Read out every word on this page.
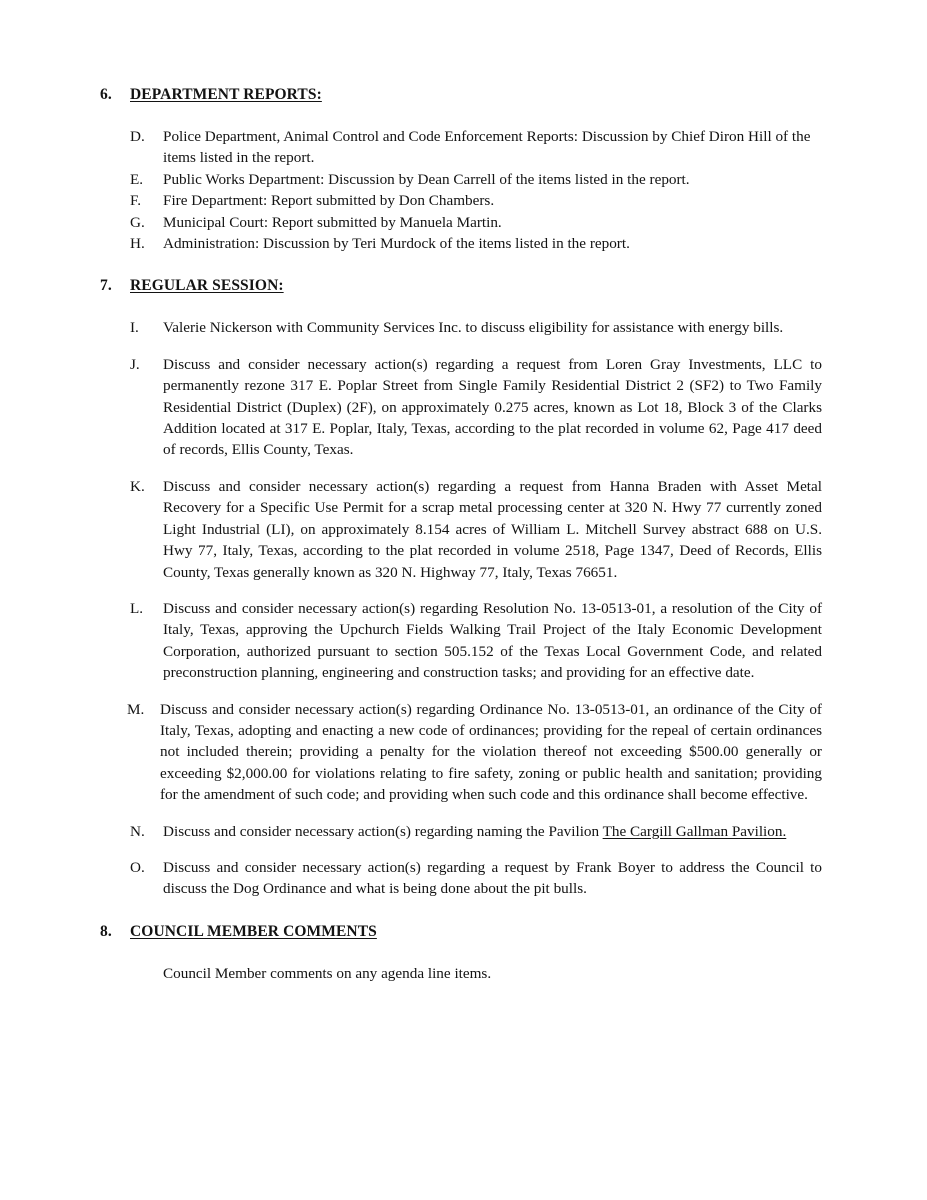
6.	DEPARTMENT REPORTS:
D.	Police Department, Animal Control and Code Enforcement Reports: Discussion by Chief Diron Hill of the items listed in the report.
E.	Public Works Department: Discussion by Dean Carrell of the items listed in the report.
F.	Fire Department: Report submitted by Don Chambers.
G.	Municipal Court: Report submitted by Manuela Martin.
H.	Administration: Discussion by Teri Murdock of the items listed in the report.
7.	REGULAR SESSION:
I.	Valerie Nickerson with Community Services Inc. to discuss eligibility for assistance with energy bills.
J.	Discuss and consider necessary action(s) regarding a request from Loren Gray Investments, LLC to permanently rezone 317 E. Poplar Street from Single Family Residential District 2 (SF2) to Two Family Residential District (Duplex) (2F), on approximately 0.275 acres, known as Lot 18, Block 3 of the Clarks Addition located at 317 E. Poplar, Italy, Texas, according to the plat recorded in volume 62, Page 417 deed of records, Ellis County, Texas.
K.	Discuss and consider necessary action(s) regarding a request from Hanna Braden with Asset Metal Recovery for a Specific Use Permit for a scrap metal processing center at 320 N. Hwy 77 currently zoned Light Industrial (LI), on approximately 8.154 acres of William L. Mitchell Survey abstract 688 on U.S. Hwy 77, Italy, Texas, according to the plat recorded in volume 2518, Page 1347, Deed of Records, Ellis County, Texas generally known as 320 N. Highway 77, Italy, Texas 76651.
L.	Discuss and consider necessary action(s) regarding Resolution No. 13-0513-01, a resolution of the City of Italy, Texas, approving the Upchurch Fields Walking Trail Project of the Italy Economic Development Corporation, authorized pursuant to section 505.152 of the Texas Local Government Code, and related preconstruction planning, engineering and construction tasks; and providing for an effective date.
M.	Discuss and consider necessary action(s) regarding Ordinance No. 13-0513-01, an ordinance of the City of Italy, Texas, adopting and enacting a new code of ordinances; providing for the repeal of certain ordinances not included therein; providing a penalty for the violation thereof not exceeding $500.00 generally or exceeding $2,000.00 for violations relating to fire safety, zoning or public health and sanitation; providing for the amendment of such code; and providing when such code and this ordinance shall become effective.
N.	Discuss and consider necessary action(s) regarding naming the Pavilion The Cargill Gallman Pavilion.
O.	Discuss and consider necessary action(s) regarding a request by Frank Boyer to address the Council to discuss the Dog Ordinance and what is being done about the pit bulls.
8.	COUNCIL MEMBER COMMENTS
Council Member comments on any agenda line items.
